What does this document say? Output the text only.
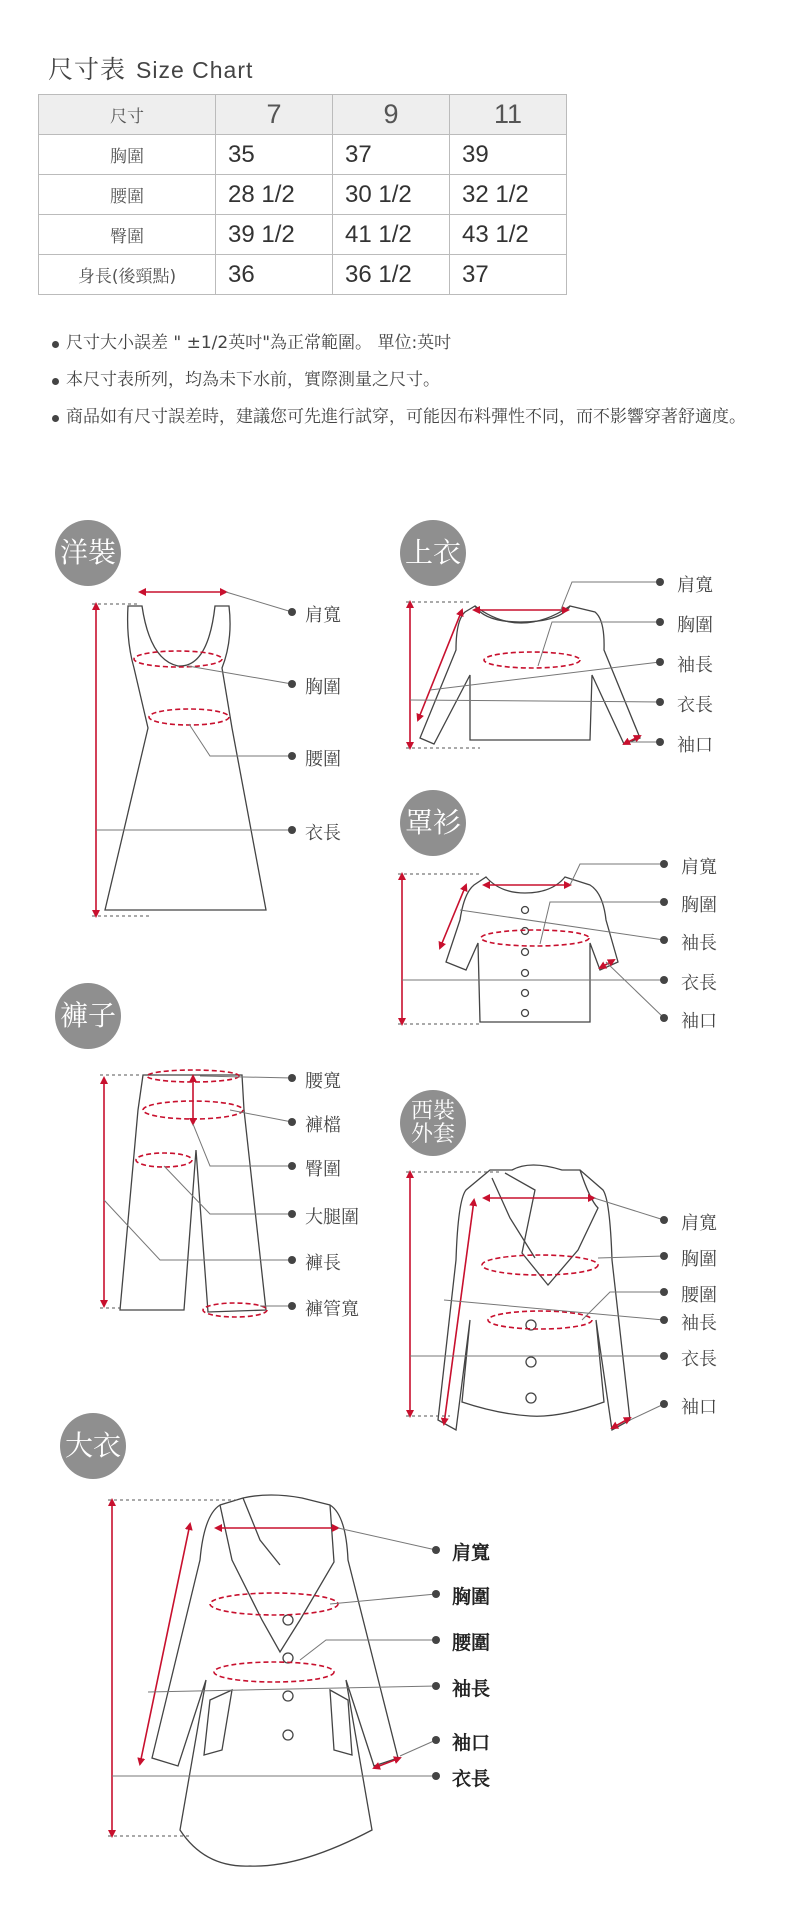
尺寸表 Size Chart
尺寸	7	9	11
胸圍	35	37	39
腰圍	28 1/2	30 1/2	32 1/2
臀圍	39 1/2	41 1/2	43 1/2
身長(後頸點)	36	36 1/2	37
尺寸大小誤差 " ±1/2英吋"為正常範圍。 單位:英吋
本尺寸表所列，均為未下水前，實際測量之尺寸。
商品如有尺寸誤差時，建議您可先進行試穿，可能因布料彈性不同，而不影響穿著舒適度。
洋裝	上衣
罩衫
褲子
西裝
外套
大衣
肩寬
胸圍
腰圍
衣長
肩寬
胸圍
袖長
衣長
袖口
肩寬
胸圍
袖長
衣長
袖口
腰寬
褲檔
臀圍
大腿圍
褲長
褲管寬
肩寬
胸圍
腰圍
袖長
衣長
袖口
肩寬
胸圍
腰圍
袖長
袖口
衣長
